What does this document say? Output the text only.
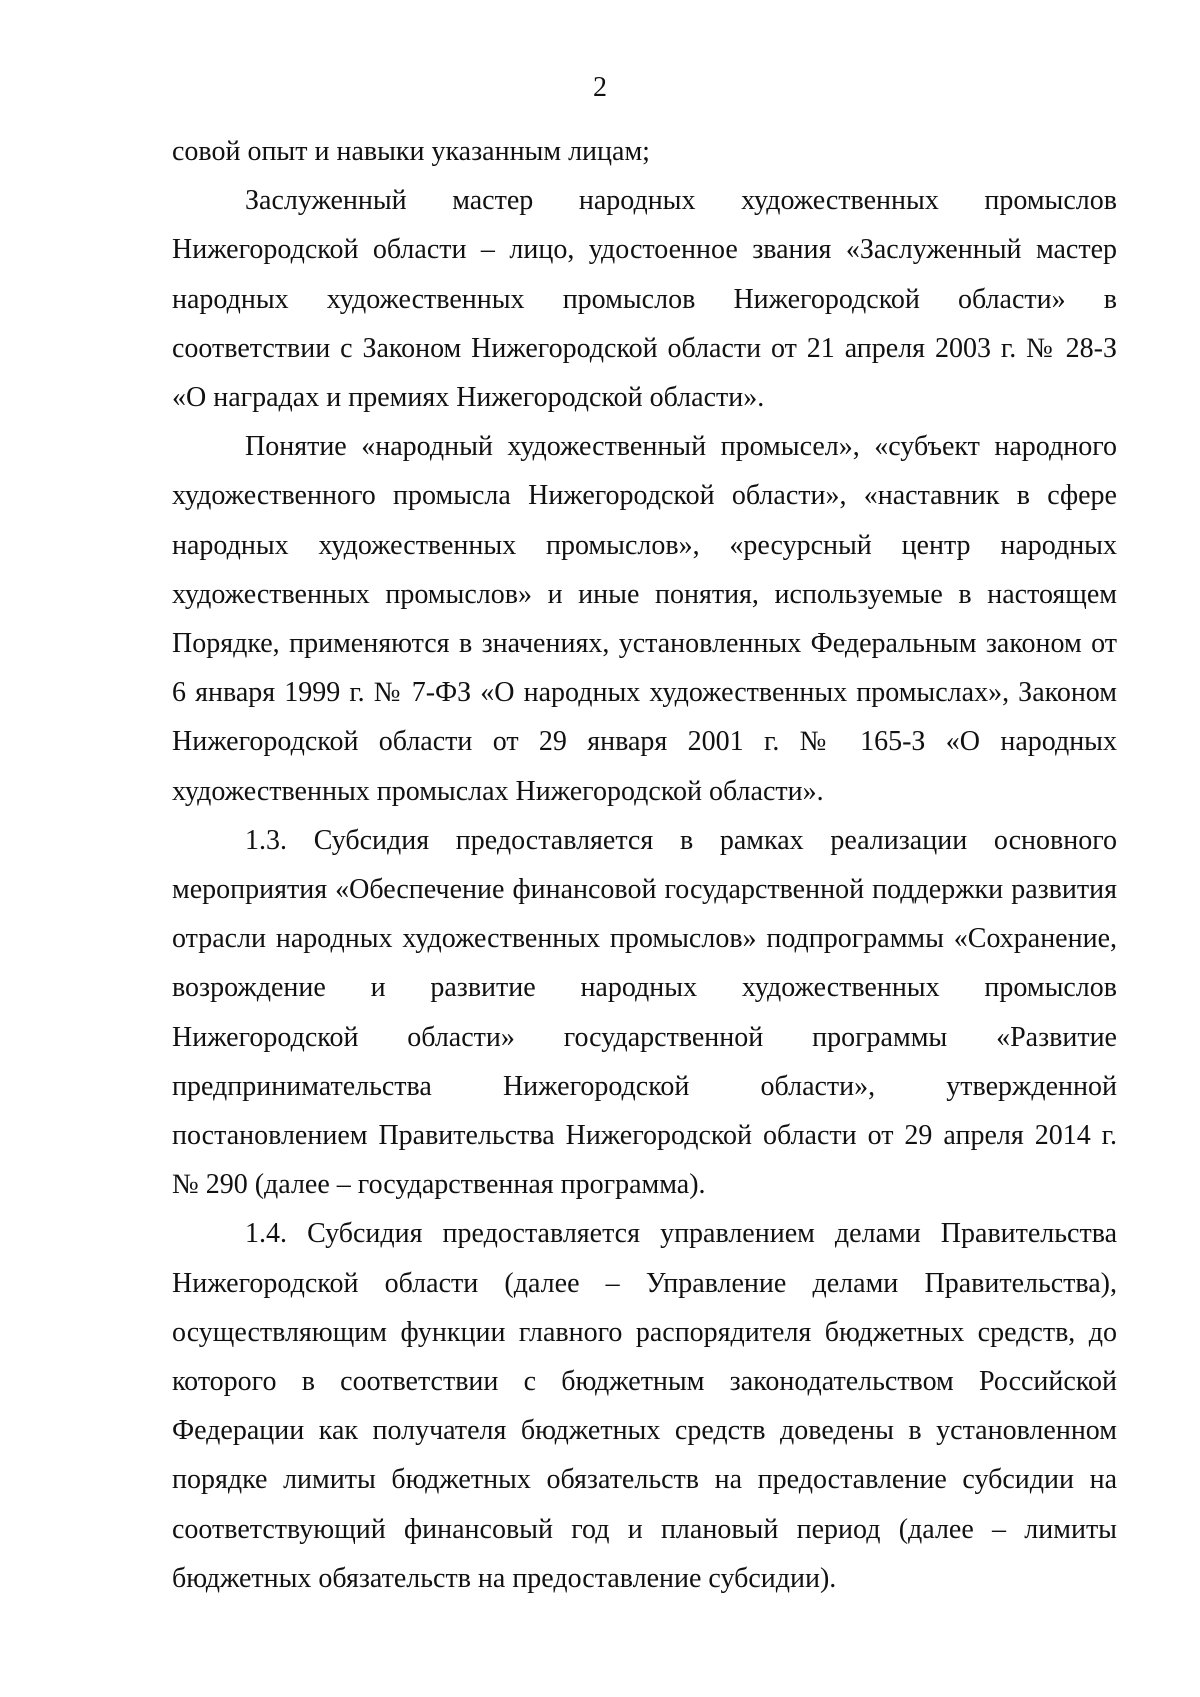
2

совой опыт и навыки указанным лицам;

Заслуженный мастер народных художественных промыслов Нижегородской области – лицо, удостоенное звания «Заслуженный мастер народных художественных промыслов Нижегородской области» в соответствии с Законом Нижегородской области от 21 апреля 2003 г. № 28-З «О наградах и премиях Нижегородской области».

Понятие «народный художественный промысел», «субъект народного художественного промысла Нижегородской области», «наставник в сфере народных художественных промыслов», «ресурсный центр народных художественных промыслов» и иные понятия, используемые в настоящем Порядке, применяются в значениях, установленных Федеральным законом от 6 января 1999 г. № 7-ФЗ «О народных художественных промыслах», Законом Нижегородской области от 29 января 2001 г. № 165-З «О народных художественных промыслах Нижегородской области».

1.3. Субсидия предоставляется в рамках реализации основного мероприятия «Обеспечение финансовой государственной поддержки развития отрасли народных художественных промыслов» подпрограммы «Сохранение, возрождение и развитие народных художественных промыслов Нижегородской области» государственной программы «Развитие предпринимательства Нижегородской области», утвержденной постановлением Правительства Нижегородской области от 29 апреля 2014 г. № 290 (далее – государственная программа).

1.4. Субсидия предоставляется управлением делами Правительства Нижегородской области (далее – Управление делами Правительства), осуществляющим функции главного распорядителя бюджетных средств, до которого в соответствии с бюджетным законодательством Российской Федерации как получателя бюджетных средств доведены в установленном порядке лимиты бюджетных обязательств на предоставление субсидии на соответствующий финансовый год и плановый период (далее – лимиты бюджетных обязательств на предоставление субсидии).
